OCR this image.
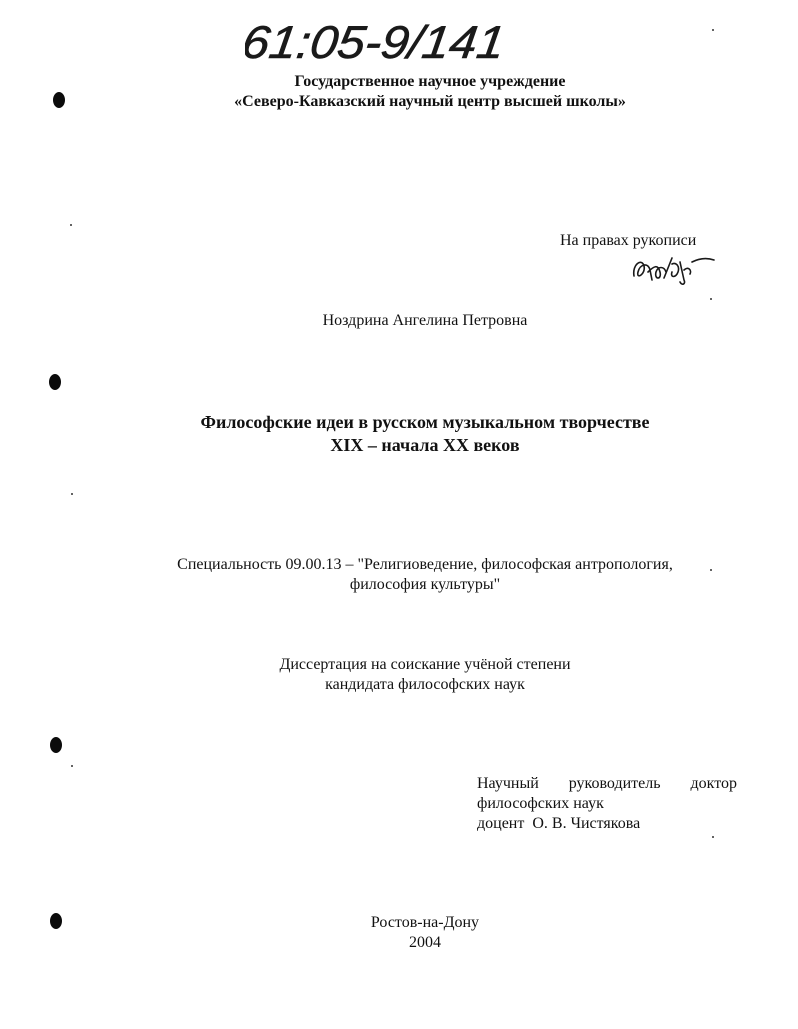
61:05-9/141
Государственное научное учреждение
«Северо-Кавказский научный центр высшей школы»
На правах рукописи
Ноздрина Ангелина Петровна
Философские идеи в русском музыкальном творчестве
XIX – начала XX веков
Специальность 09.00.13 – "Религиоведение, философская антропология,
философия культуры"
Диссертация на соискание учёной степени
кандидата философских наук
Научный руководитель доктор
философских наук
доцент  О. В. Чистякова
Ростов-на-Дону
2004
